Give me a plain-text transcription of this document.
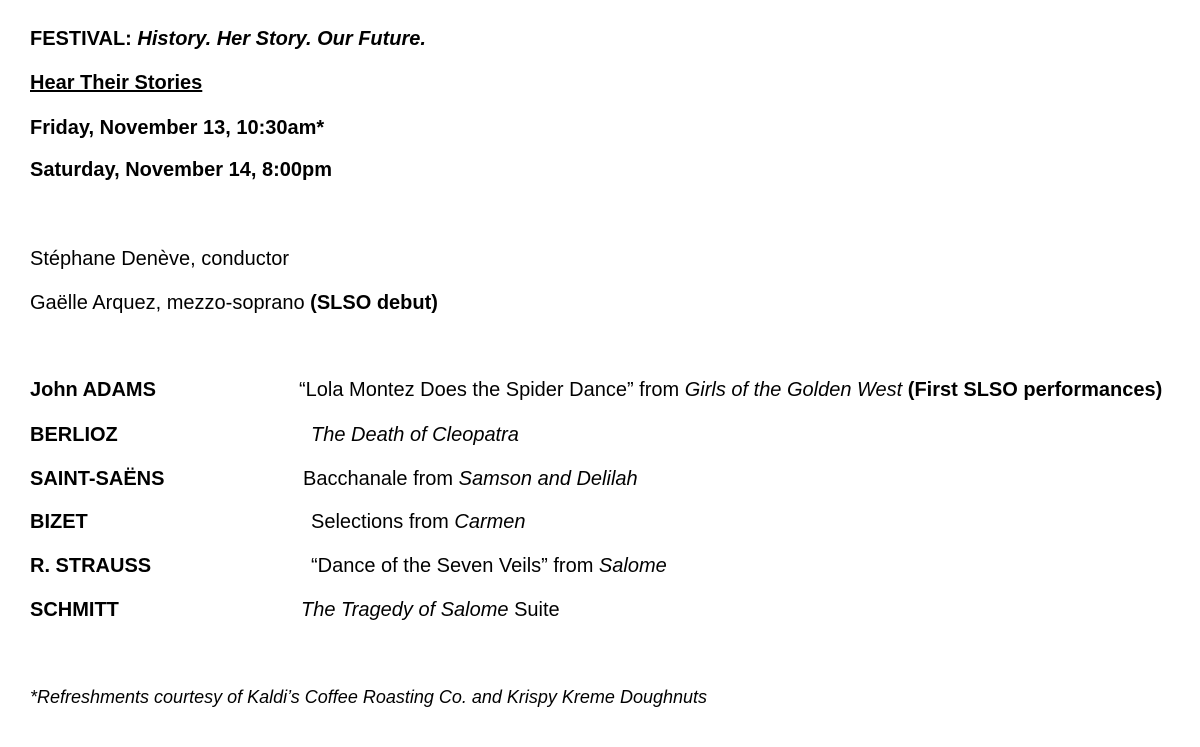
FESTIVAL: History. Her Story. Our Future.
Hear Their Stories
Friday, November 13, 10:30am*
Saturday, November 14, 8:00pm
Stéphane Denève, conductor
Gaëlle Arquez, mezzo-soprano (SLSO debut)
John ADAMS	“Lola Montez Does the Spider Dance” from Girls of the Golden West (First SLSO performances)
BERLIOZ	The Death of Cleopatra
SAINT-SAËNS	Bacchanale from Samson and Delilah
BIZET	Selections from Carmen
R. STRAUSS	“Dance of the Seven Veils” from Salome
SCHMITT	The Tragedy of Salome Suite
*Refreshments courtesy of Kaldi’s Coffee Roasting Co. and Krispy Kreme Doughnuts
